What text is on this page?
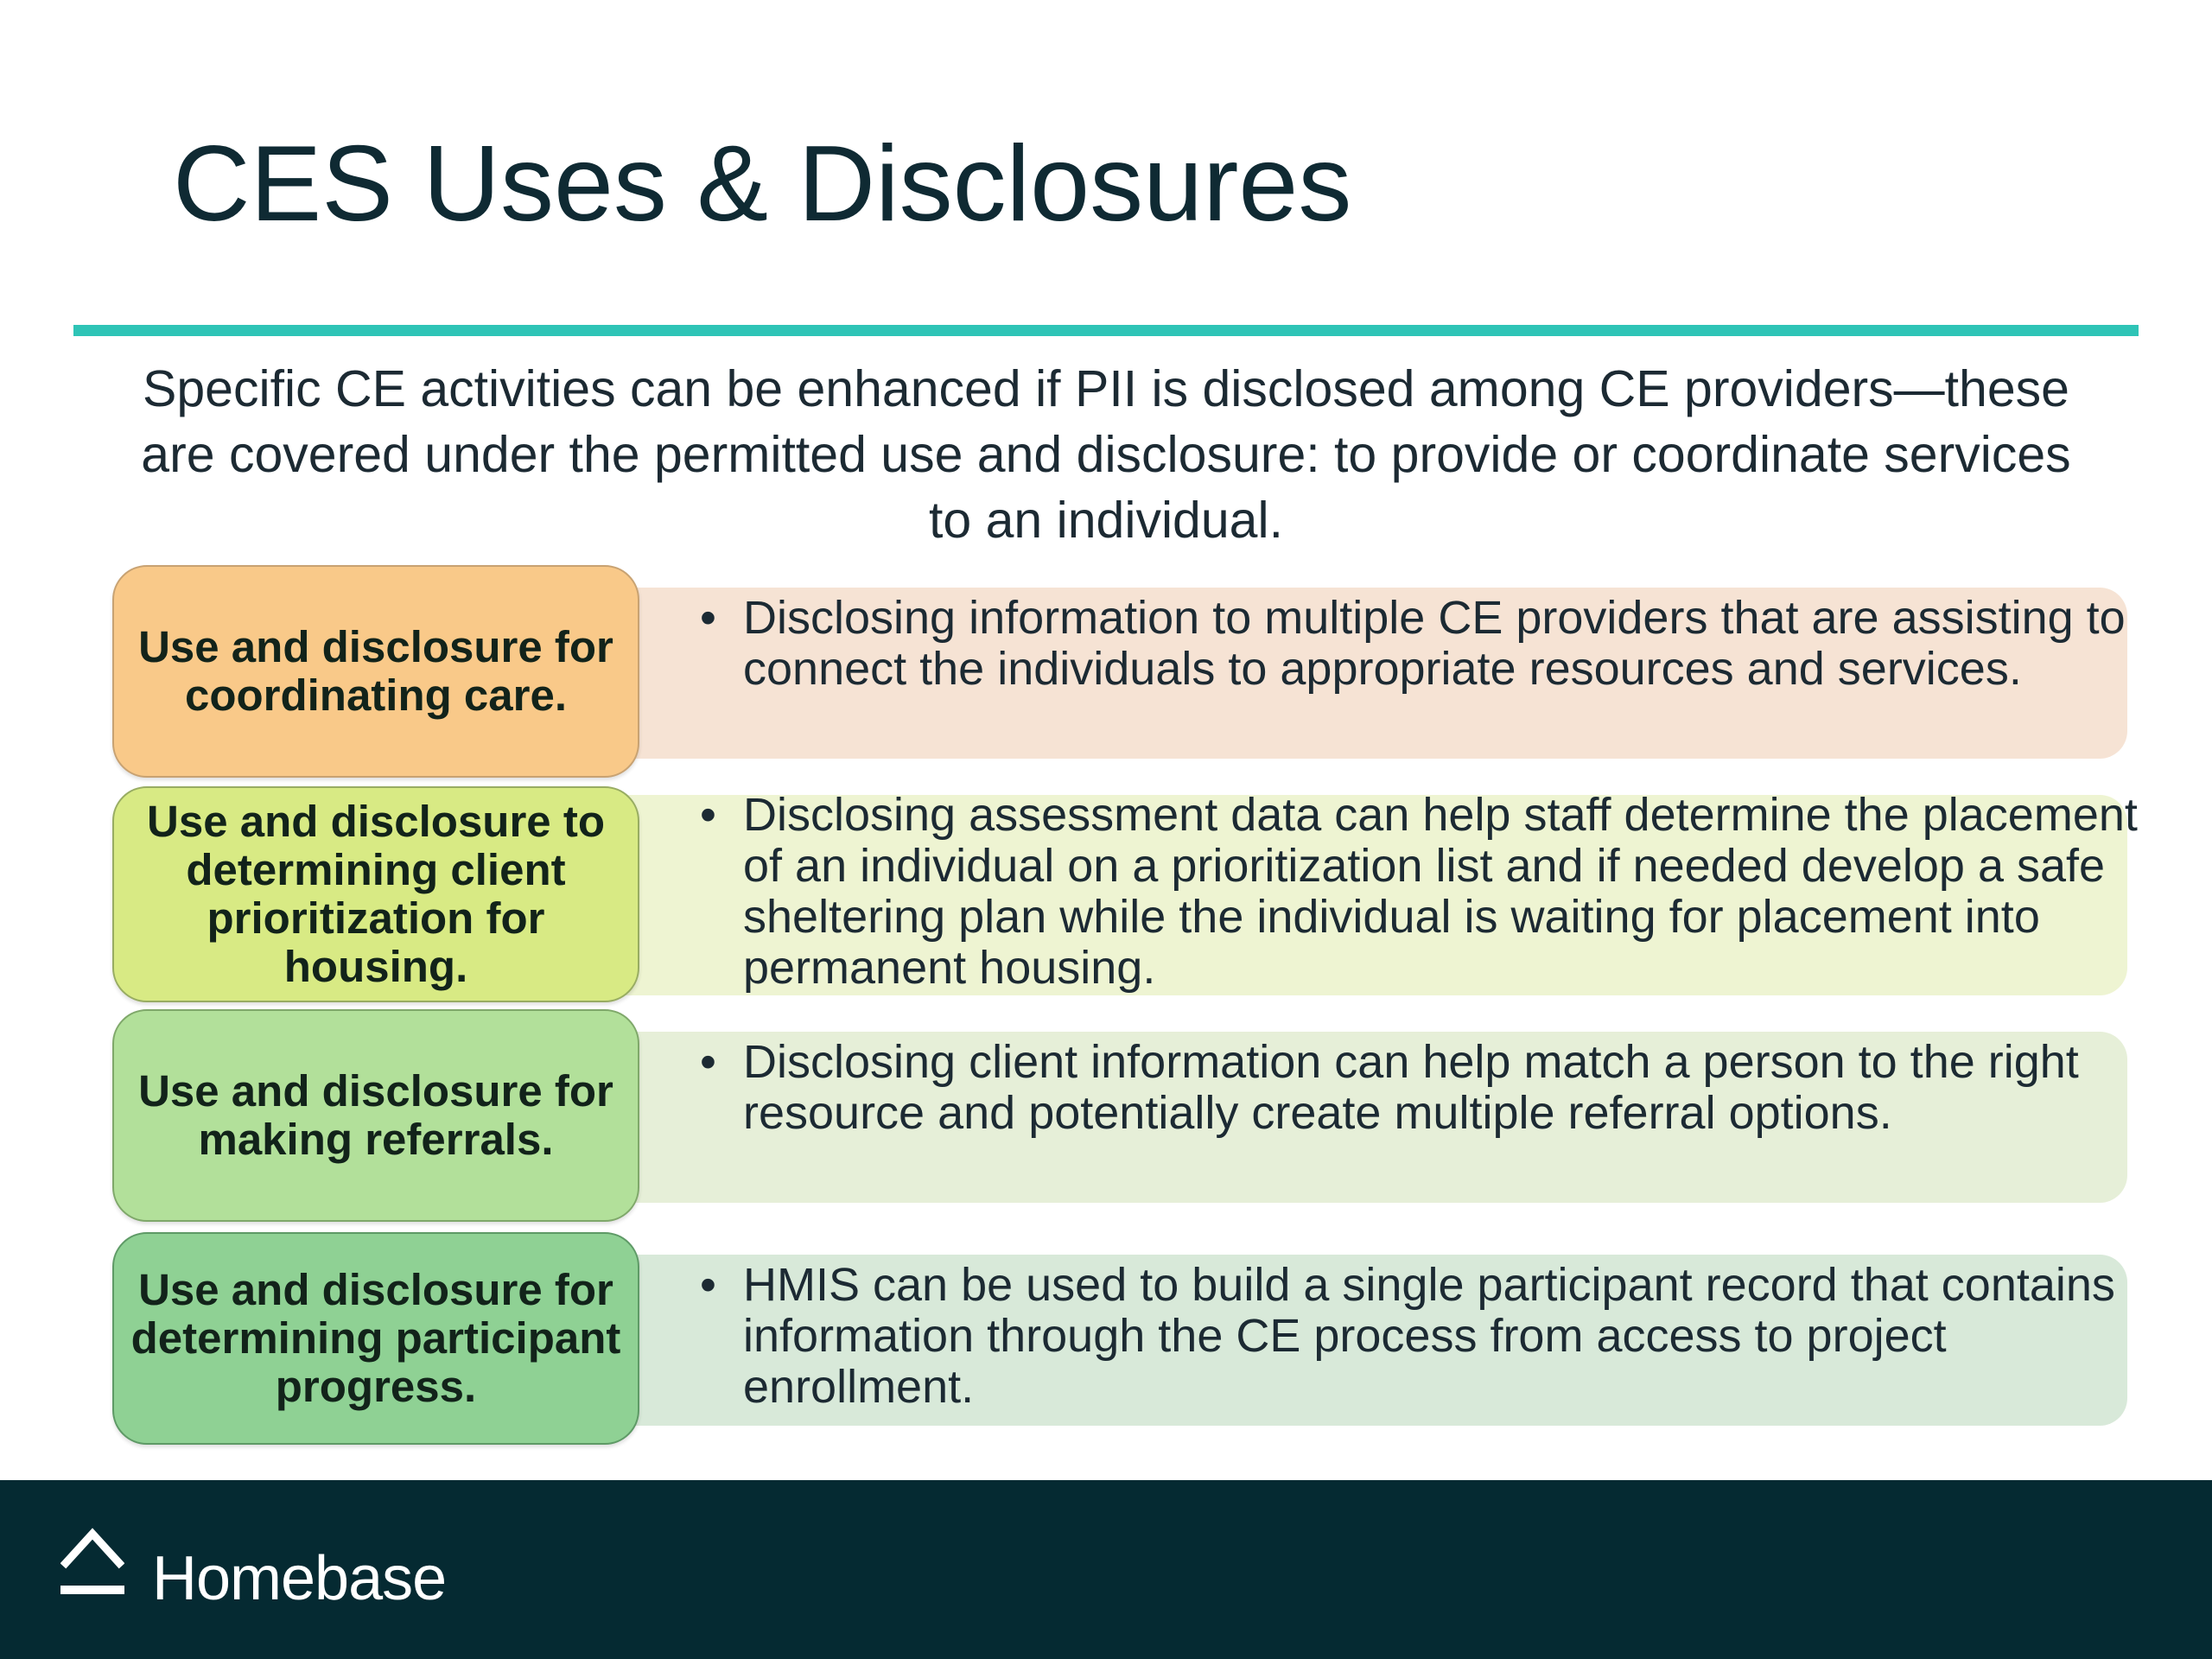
CES Uses & Disclosures

Specific CE activities can be enhanced if PII is disclosed among CE providers—these are covered under the permitted use and disclosure: to provide or coordinate services to an individual.

Use and disclosure for coordinating care.
• Disclosing information to multiple CE providers that are assisting to connect the individuals to appropriate resources and services.
Use and disclosure to determining client prioritization for housing.
• Disclosing assessment data can help staff determine the placement of an individual on a prioritization list and if needed develop a safe sheltering plan while the individual is waiting for placement into permanent housing.
Use and disclosure for making referrals.
• Disclosing client information can help match a person to the right resource and potentially create multiple referral options.
Use and disclosure for determining participant progress.
• HMIS can be used to build a single participant record that contains information through the CE process from access to project enrollment.
Homebase
